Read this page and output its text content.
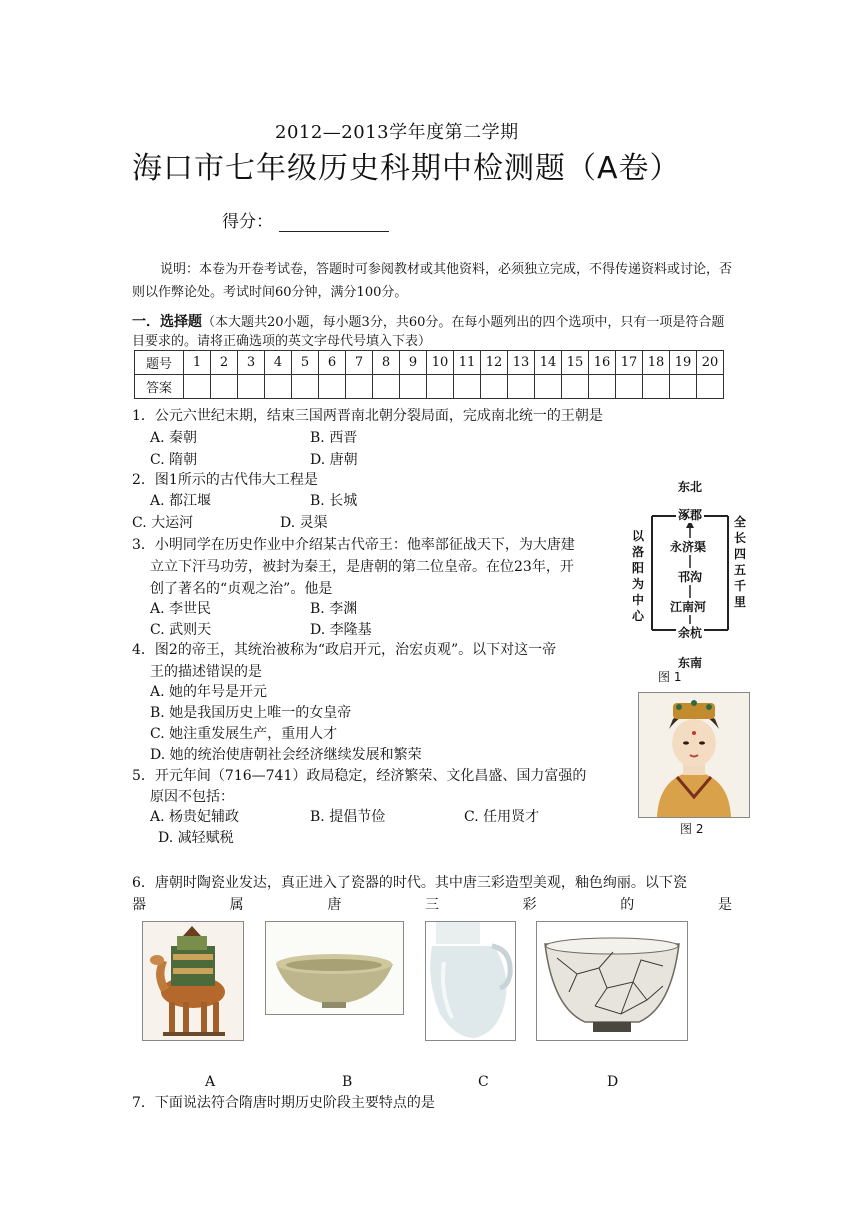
2012—2013学年度第二学期
海口市七年级历史科期中检测题（A卷）
得分：
说明：本卷为开卷考试卷，答题时可参阅教材或其他资料，必须独立完成，不得传递资料或讨论，否则以作弊论处。考试时间60分钟，满分100分。
一．选择题（本大题共20小题，每小题3分，共60分。在每小题列出的四个选项中，只有一项是符合题目要求的。请将正确选项的英文字母代号填入下表）
题号	1	2	3	4	5	6	7	8	9	10	11	12	13	14	15	16	17	18	19	20
答案																				
1．公元六世纪末期，结束三国两晋南北朝分裂局面，完成南北统一的王朝是
A. 秦朝	B. 西晋
C. 隋朝	D. 唐朝
2．图1所示的古代伟大工程是
A. 都江堰	B. 长城
C. 大运河	D. 灵渠
3．小明同学在历史作业中介绍某古代帝王：他率部征战天下，为大唐建
立立下汗马功劳，被封为秦王，是唐朝的第二位皇帝。在位23年，开
创了著名的“贞观之治”。他是
A. 李世民	B. 李渊
C. 武则天	D. 李隆基
4．图2的帝王，其统治被称为“政启开元，治宏贞观”。以下对这一帝
王的描述错误的是
A. 她的年号是开元
B. 她是我国历史上唯一的女皇帝
C. 她注重发展生产，重用人才
D. 她的统治使唐朝社会经济继续发展和繁荣
5．开元年间（716—741）政局稳定，经济繁荣、文化昌盛、国力富强的
原因不包括：
A. 杨贵妃辅政	B. 提倡节俭	C. 任用贤才
D. 减轻赋税
6．唐朝时陶瓷业发达，真正进入了瓷器的时代。其中唐三彩造型美观，釉色绚丽。以下瓷
器	属	唐	三	彩	的	是
A	B	C	D
7．下面说法符合隋唐时期历史阶段主要特点的是
东北
涿郡
永济渠
邗沟
江南河
余杭
东南
以
洛
阳
为
中
心
全
长
四
五
千
里
图 1
图 2
